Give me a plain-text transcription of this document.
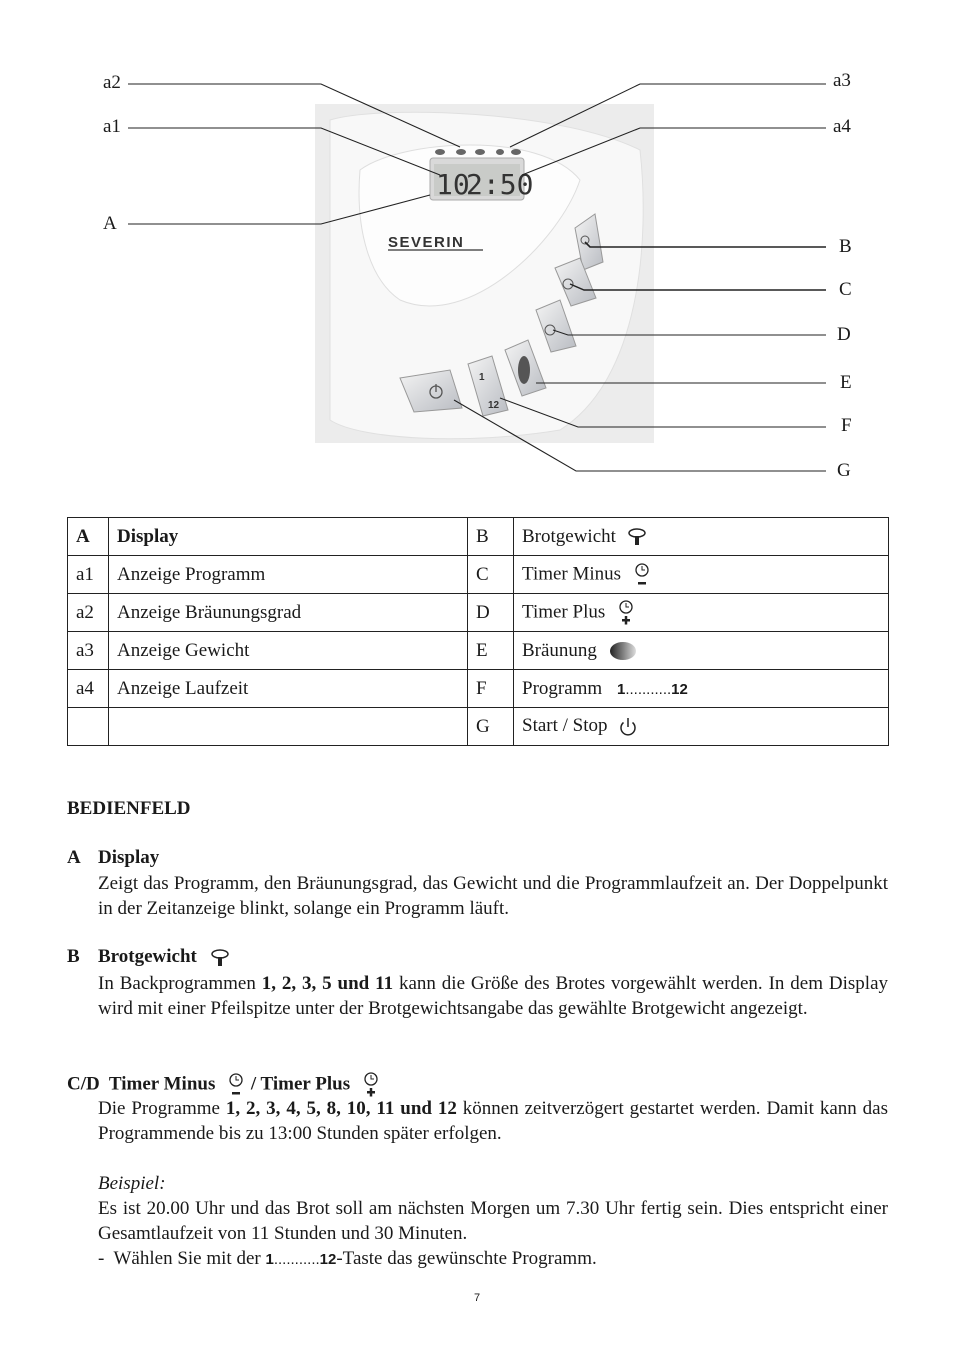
10
2:50
SEVERIN
1
12
a2
a1
A
a3
a4
B
C
D
E
F
G
A	Display	B	Brotgewicht

a1	Anzeige Programm	C	Timer Minus

a2	Anzeige Bräunungsgrad	D	Timer Plus

a3	Anzeige Gewicht	E	Bräunung

a4	Anzeige Laufzeit	F	Programm 1 ........... 12

		G	Start / Stop
BEDIENFELD
A Display
Zeigt das Programm, den Bräunungsgrad, das Gewicht und die Programmlaufzeit an. Der Doppelpunkt in der Zeitanzeige blinkt, solange ein Programm läuft.
B Brotgewicht
In Backprogrammen 1, 2, 3, 5 und 11 kann die Größe des Brotes vorgewählt werden. In dem Display wird mit einer Pfeilspitze unter der Brotgewichtsangabe das gewählte Brotgewicht angezeigt.
C/D Timer Minus / Timer Plus
Die Programme 1, 2, 3, 4, 5, 8, 10, 11 und 12 können zeitverzögert gestartet werden. Damit kann das Programmende bis zu 13:00 Stunden später erfolgen.
Beispiel:
Es ist 20.00 Uhr und das Brot soll am nächsten Morgen um 7.30 Uhr fertig sein. Dies entspricht einer Gesamtlaufzeit von 11 Stunden und 30 Minuten.
- Wählen Sie mit der 1 ........... 12 -Taste das gewünschte Programm.
7
